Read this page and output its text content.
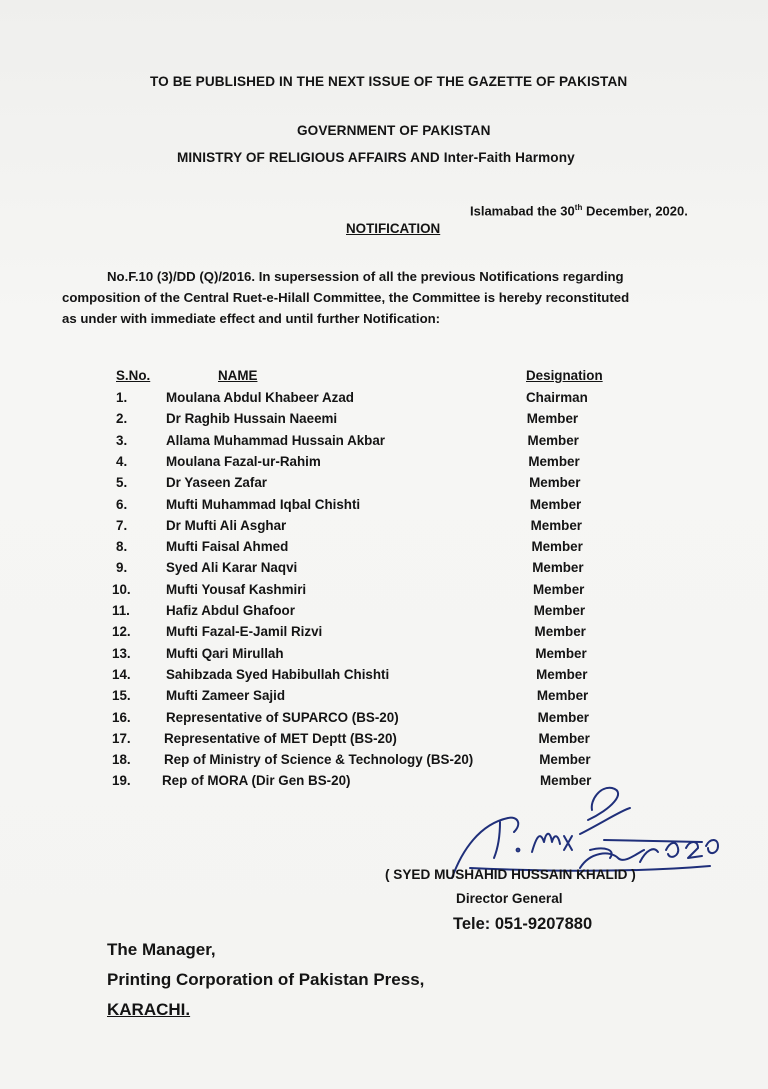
TO BE PUBLISHED IN THE NEXT ISSUE OF THE GAZETTE OF PAKISTAN
GOVERNMENT OF PAKISTAN
MINISTRY OF RELIGIOUS AFFAIRS AND Inter-Faith Harmony
Islamabad the 30th December, 2020.
NOTIFICATION
No.F.10 (3)/DD (Q)/2016. In supersession of all the previous Notifications regarding
composition of the Central Ruet-e-Hilall Committee, the Committee is hereby reconstituted
as under with immediate effect and until further Notification:
S.No.	NAME	Designation
1.	Moulana Abdul Khabeer Azad	Chairman
2.	Dr Raghib Hussain Naeemi	Member
3.	Allama Muhammad Hussain Akbar	Member
4.	Moulana Fazal-ur-Rahim	Member
5.	Dr Yaseen Zafar	Member
6.	Mufti Muhammad Iqbal Chishti	Member
7.	Dr Mufti Ali Asghar	Member
8.	Mufti Faisal Ahmed	Member
9.	Syed Ali Karar Naqvi	Member
10.	Mufti Yousaf Kashmiri	Member
11.	Hafiz Abdul Ghafoor	Member
12.	Mufti Fazal-E-Jamil Rizvi	Member
13.	Mufti Qari Mirullah	Member
14.	Sahibzada Syed Habibullah Chishti	Member
15.	Mufti Zameer Sajid	Member
16.	Representative of SUPARCO (BS-20)	Member
17. Representative of MET Deptt (BS-20)	Member
18. Rep of Ministry of Science & Technology (BS-20)	Member
19. Rep of MORA (Dir Gen BS-20)	Member
( SYED MUSHAHID HUSSAIN KHALID )
Director General
Tele: 051-9207880
The Manager,
Printing Corporation of Pakistan Press,
KARACHI.
